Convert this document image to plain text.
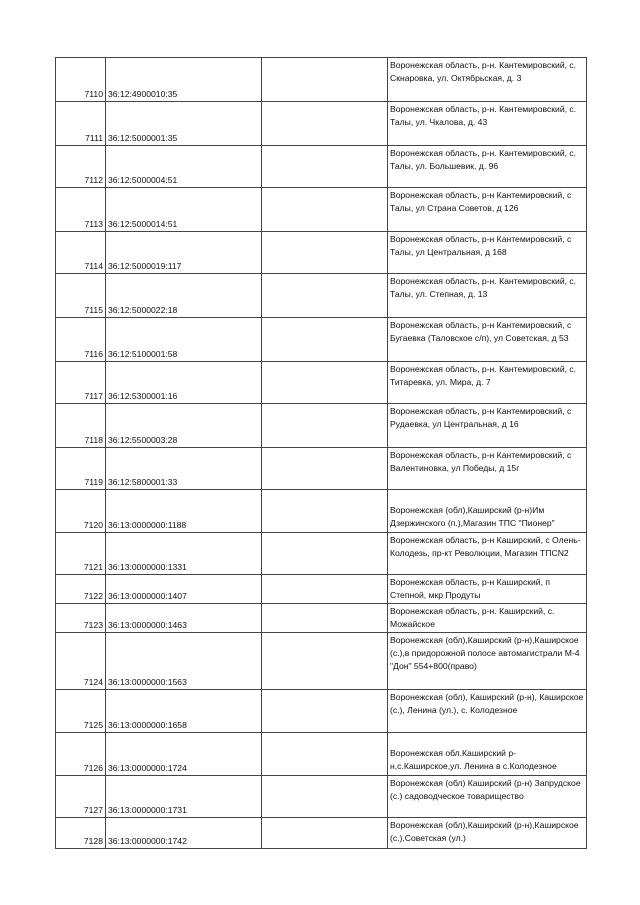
7110	36:12:4900010:35		Воронежская область, р-н. Кантемировский, с. Скнаровка, ул. Октябрьская, д. 3
7111	36:12:5000001:35		Воронежская область, р-н. Кантемировский, с. Талы, ул. Чкалова, д. 43
7112	36:12:5000004:51		Воронежская область, р-н. Кантемировский, с. Талы, ул. Большевик, д. 96
7113	36:12:5000014:51		Воронежская область, р-н Кантемировский, с Талы, ул Страна Советов, д 126
7114	36:12:5000019:117		Воронежская область, р-н Кантемировский, с Талы, ул Центральная, д 168
7115	36:12:5000022:18		Воронежская область, р-н. Кантемировский, с. Талы, ул. Степная, д. 13
7116	36:12:5100001:58		Воронежская область, р-н Кантемировский, с Бугаевка (Таловское с/п), ул Советская, д 53
7117	36:12:5300001:16		Воронежская область, р-н. Кантемировский, с. Титаревка, ул. Мира, д. 7
7118	36:12:5500003:28		Воронежская область, р-н Кантемировский, с Рудаевка, ул Центральная, д 16
7119	36:12:5800001:33		Воронежская область, р-н Кантемировский, с Валентиновка, ул Победы, д 15г
7120	36:13:0000000:1188		Воронежская (обл),Каширский (р-н)Им Дзержинского (п.),Магазин ТПС "Пионер"
7121	36:13:0000000:1331		Воронежская область, р-н Каширский, с Олень-Колодезь, пр-кт Революции, Магазин ТПСN2
7122	36:13:0000000:1407		Воронежская область, р-н Каширский, п Степной, мкр Продуты
7123	36:13:0000000:1463		Воронежская область, р-н. Каширский, с. Можайское
7124	36:13:0000000:1563		Воронежская (обл),Каширский (р-н),Каширское (с.),в придорожной полосе автомагистрали М-4 "Дон" 554+800(право)
7125	36:13:0000000:1658		Воронежская (обл), Каширский (р-н), Каширское (с.), Ленина (ул.), с. Колодезное
7126	36:13:0000000:1724		Воронежская обл.Каширский р-н,с.Каширское,ул. Ленина в с.Колодезное
7127	36:13:0000000:1731		Воронежская (обл) Каширский (р-н) Запрудское (с.) садоводческое товарищество
7128	36:13:0000000:1742		Воронежская (обл),Каширский (р-н),Каширское (с.),Советская (ул.)
